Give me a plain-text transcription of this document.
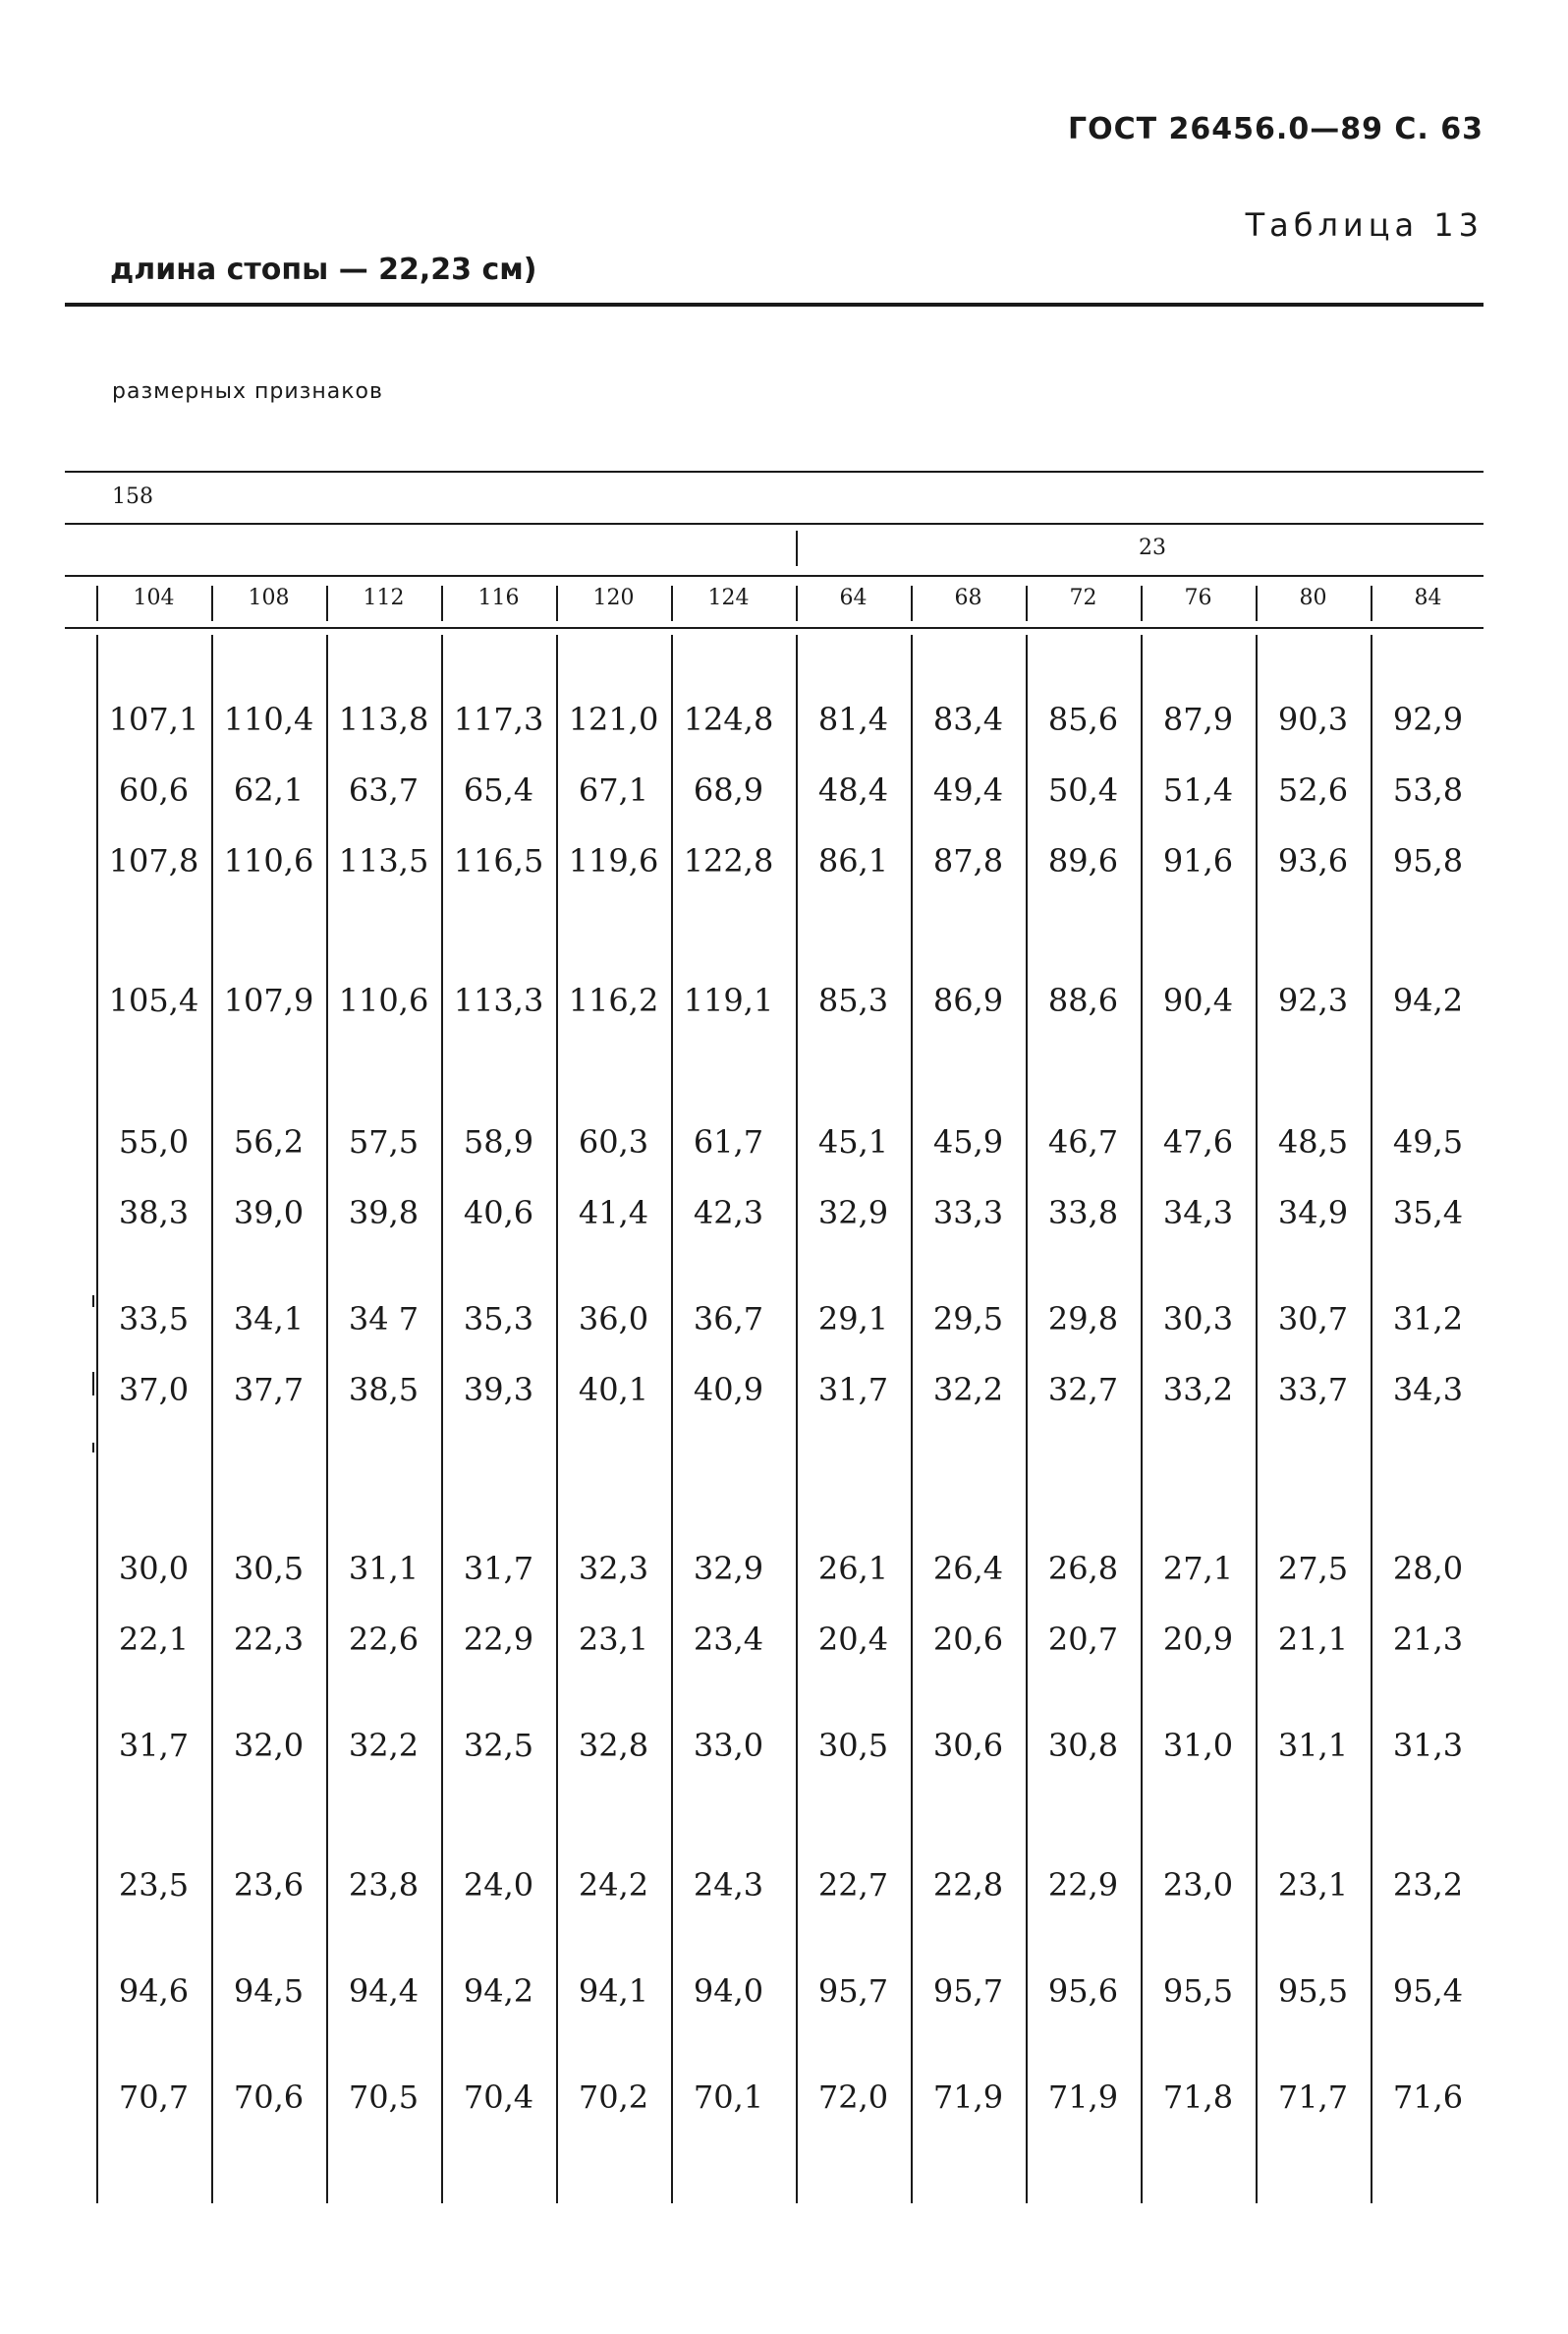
ГОСТ 26456.0—89 С. 63
Таблица 13
длина стопы — 22,23 см)
размерных признаков
158
23
104	108	112	116	120	124	64	68	72	76	80	84
107,1 110,4 113,8 117,3 121,0 124,8	81,4	83,4	85,6	87,9	90,3	92,9
60,6	62,1	63,7	65,4	67,1	68,9	48,4	49,4	50,4	51,4	52,6	53,8
107,8 110,6 113,5 116,5 119,6 122,8	86,1	87,8	89,6	91,6	93,6	95,8
105,4 107,9 110,6 113,3 116,2 119,1	85,3	86,9	88,6	90,4	92,3	94,2
55,0	56,2	57,5	58,9	60,3	61,7	45,1	45,9	46,7	47,6	48,5	49,5
38,3	39,0	39,8	40,6	41,4	42,3	32,9	33,3	33,8	34,3	34,9	35,4
33,5	34,1	34 7	35,3	36,0	36,7	29,1	29,5	29,8	30,3	30,7	31,2
37,0	37,7	38,5	39,3	40,1	40,9	31,7	32,2	32,7	33,2	33,7	34,3
30,0	30,5	31,1	31,7	32,3	32,9	26,1	26,4	26,8	27,1	27,5	28,0
22,1	22,3	22,6	22,9	23,1	23,4	20,4	20,6	20,7	20,9	21,1	21,3
31,7	32,0	32,2	32,5	32,8	33,0	30,5	30,6	30,8	31,0	31,1	31,3
23,5	23,6	23,8	24,0	24,2	24,3	22,7	22,8	22,9	23,0	23,1	23,2
94,6	94,5	94,4	94,2	94,1	94,0	95,7	95,7	95,6	95,5	95,5	95,4
70,7	70,6	70,5	70,4	70,2	70,1	72,0	71,9	71,9	71,8	71,7	71,6
